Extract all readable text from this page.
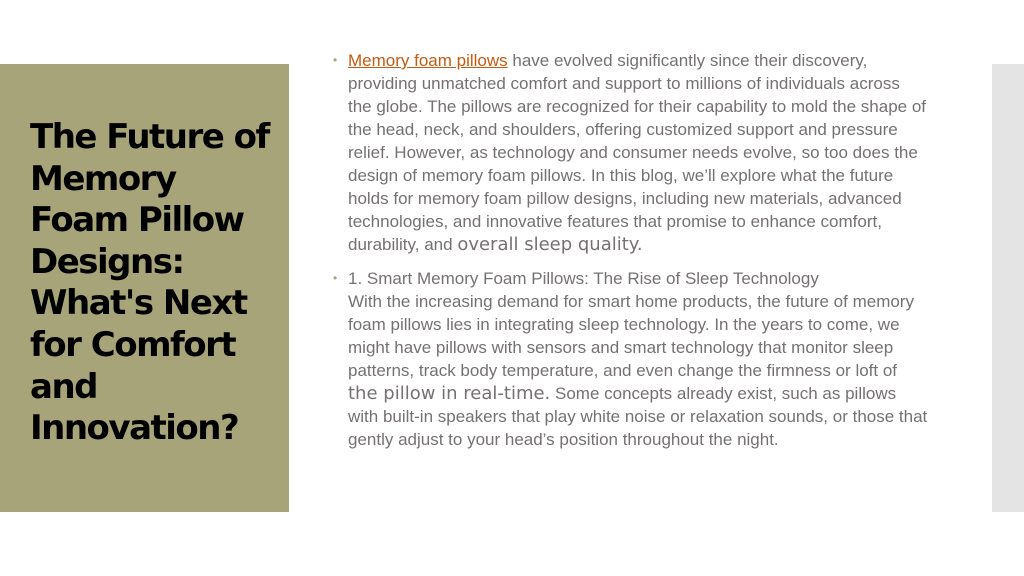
The Future of Memory Foam Pillow Designs: What's Next for Comfort and Innovation?
• Memory foam pillows have evolved significantly since their discovery, providing unmatched comfort and support to millions of individuals across the globe. The pillows are recognized for their capability to mold the shape of the head, neck, and shoulders, offering customized support and pressure relief. However, as technology and consumer needs evolve, so too does the design of memory foam pillows. In this blog, we’ll explore what the future holds for memory foam pillow designs, including new materials, advanced technologies, and innovative features that promise to enhance comfort, durability, and overall sleep quality.
• 1. Smart Memory Foam Pillows: The Rise of Sleep Technology
With the increasing demand for smart home products, the future of memory foam pillows lies in integrating sleep technology. In the years to come, we might have pillows with sensors and smart technology that monitor sleep patterns, track body temperature, and even change the firmness or loft of the pillow in real-time. Some concepts already exist, such as pillows with built-in speakers that play white noise or relaxation sounds, or those that gently adjust to your head’s position throughout the night.
